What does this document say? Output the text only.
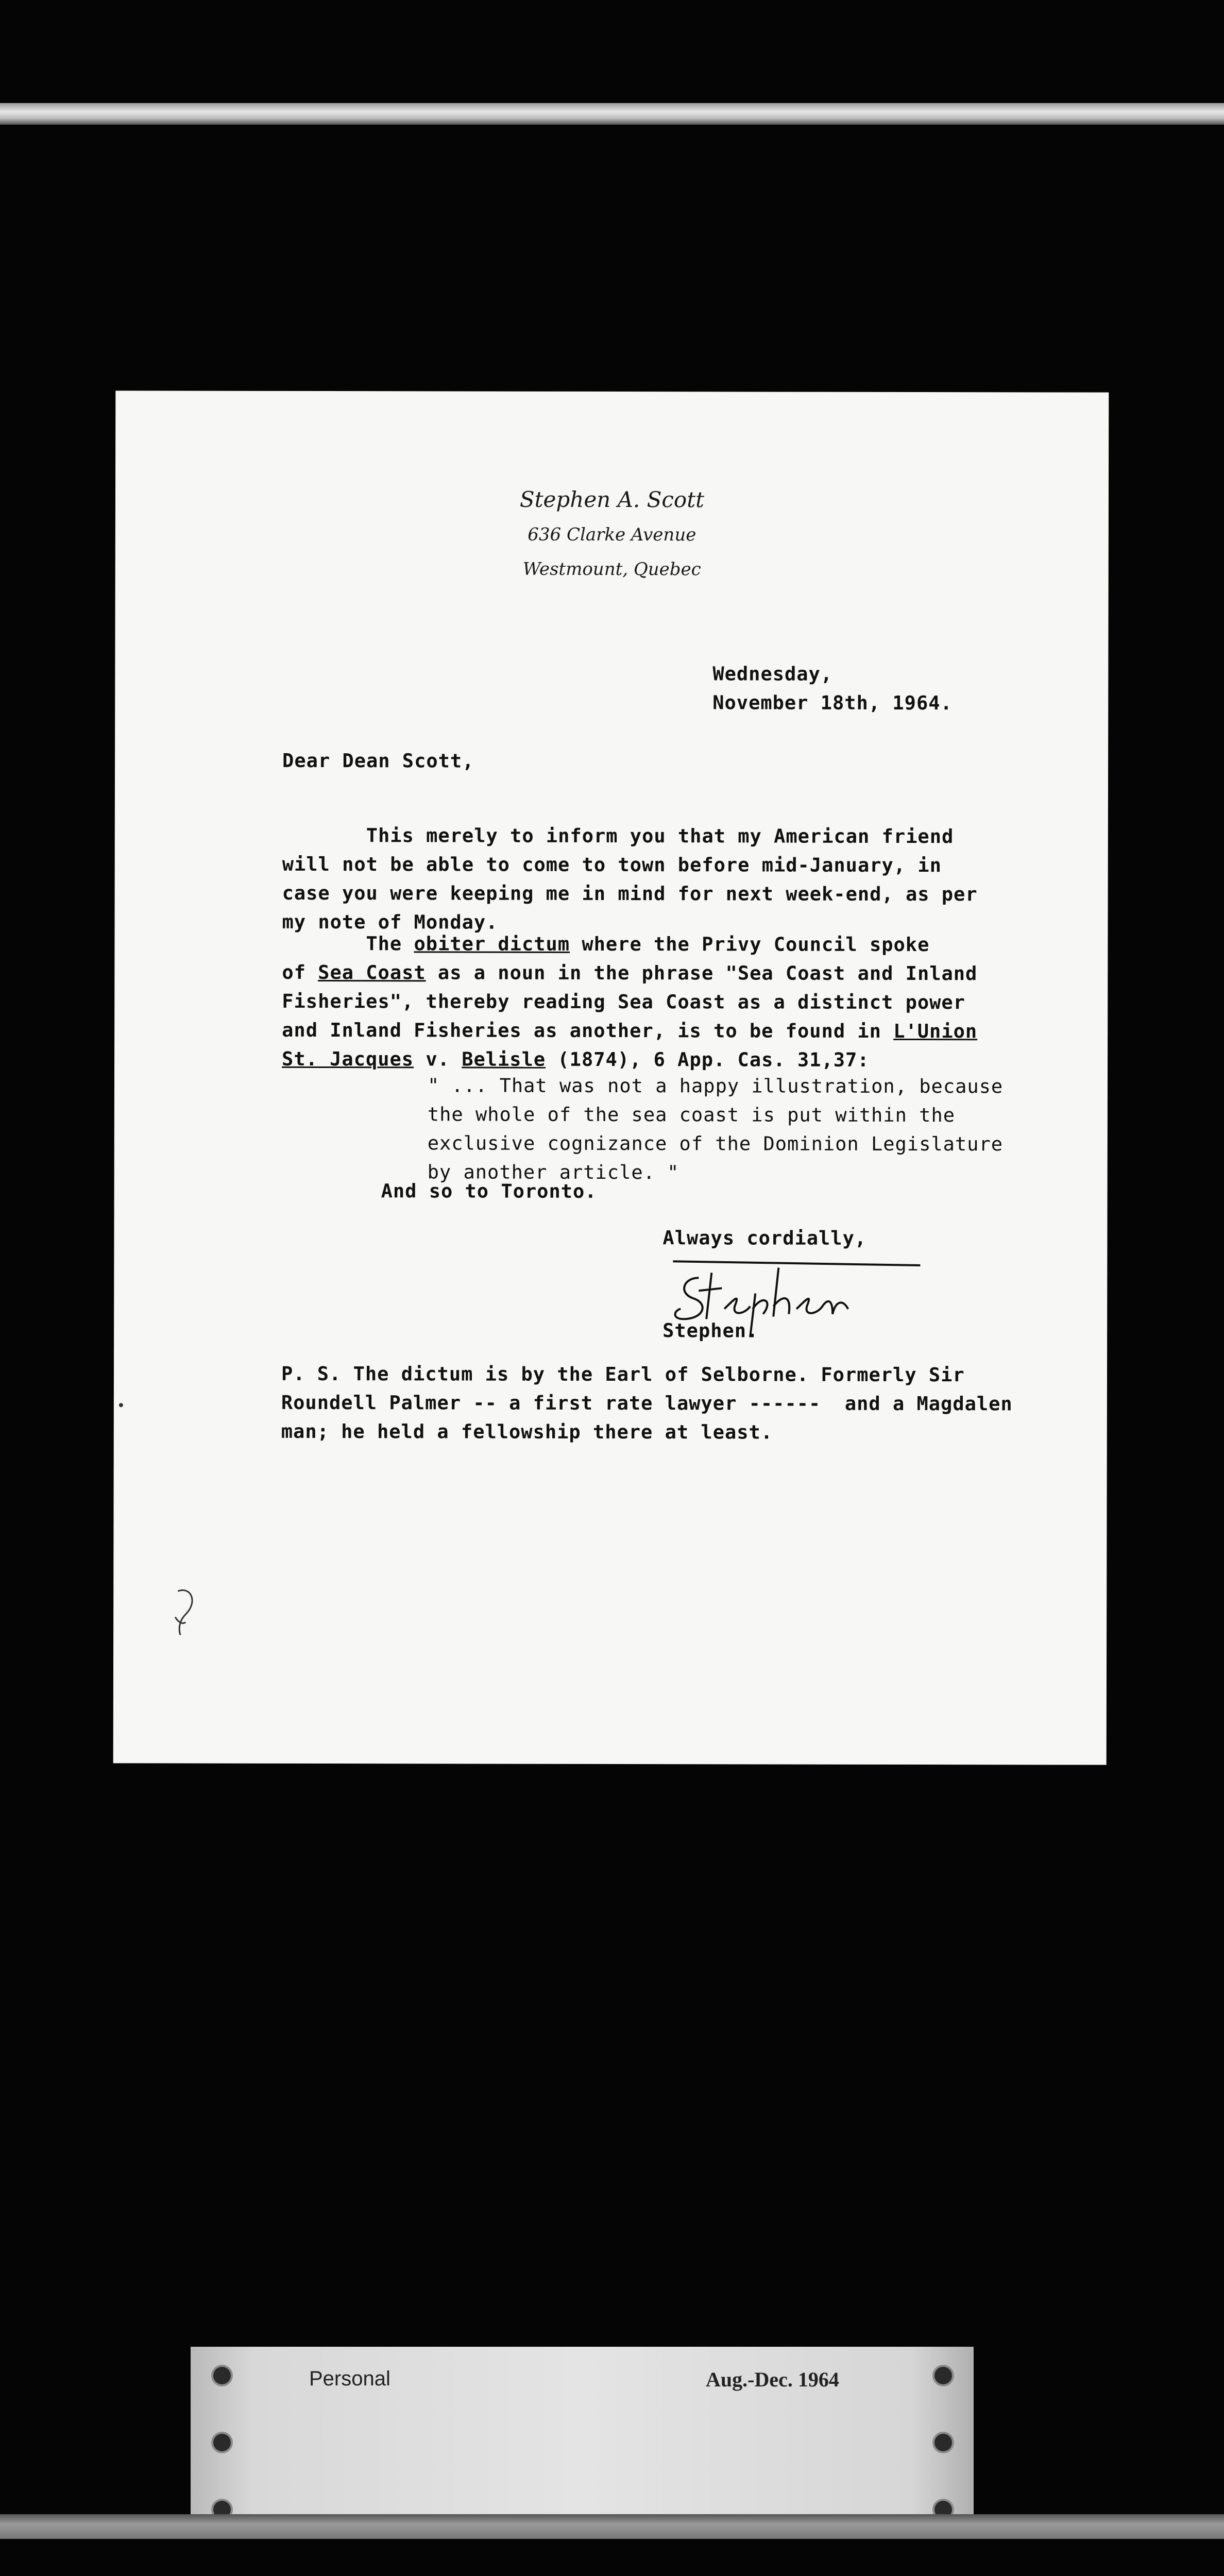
Stephen A. Scott
636 Clarke Avenue
Westmount, Quebec
Wednesday,
November 18th, 1964.
Dear Dean Scott,
This merely to inform you that my American friend
will not be able to come to town before mid-January, in
case you were keeping me in mind for next week-end, as per
my note of Monday.
The obiter dictum where the Privy Council spoke
of Sea Coast as a noun in the phrase "Sea Coast and Inland
Fisheries", thereby reading Sea Coast as a distinct power
and Inland Fisheries as another, is to be found in L'Union
St. Jacques v. Belisle (1874), 6 App. Cas. 31,37:
" ... That was not a happy illustration, because
the whole of the sea coast is put within the
exclusive cognizance of the Dominion Legislature
by another article. "
And so to Toronto.
Always cordially,
Stephen.
P. S. The dictum is by the Earl of Selborne. Formerly Sir
Roundell Palmer -- a first rate lawyer ------  and a Magdalen
man; he held a fellowship there at least.
Personal	Aug.-Dec. 1964
